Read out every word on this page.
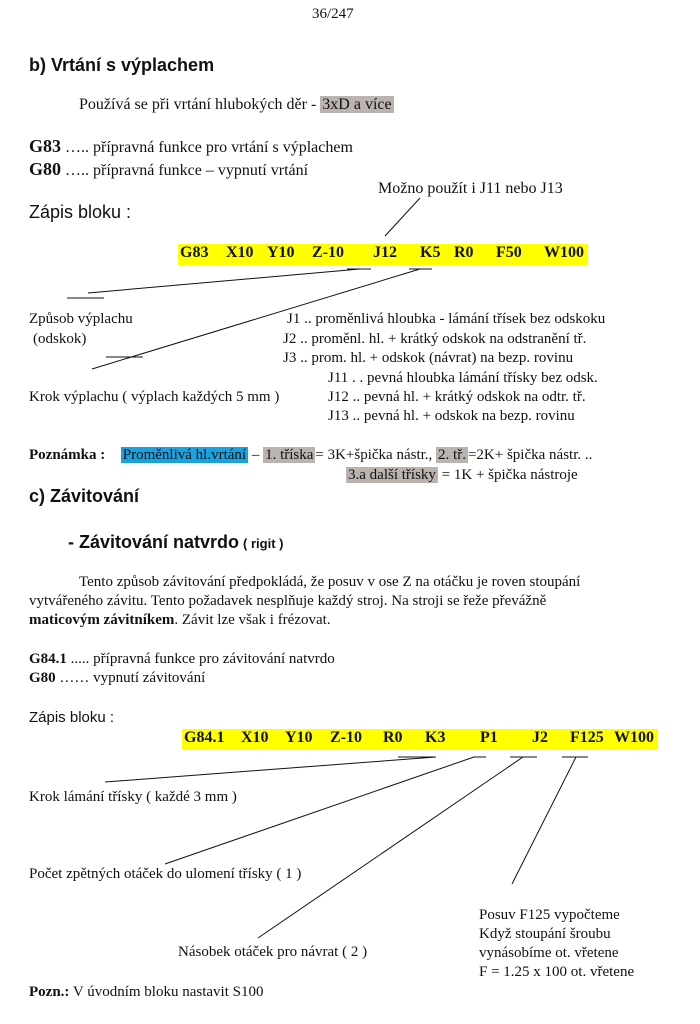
36/247
b) Vrtání s výplachem
Používá se při vrtání hlubokých děr - 3xD a více
G83 ….. přípravná funkce pro vrtání s výplachem
G80 ….. přípravná funkce – vypnutí vrtání
Možno použít i J11 nebo J13
Zápis bloku :
G83 X10 Y10 Z-10 J12 K5 R0 F50 W100
Způsob výplachu
(odskok)
Krok výplachu ( výplach každých 5 mm )
J1 .. proměnlivá hloubka - lámání třísek bez odskoku
J2 .. proměnl. hl. + krátký odskok na odstranění tř.
J3 .. prom. hl. + odskok (návrat) na bezp. rovinu
J11 . . pevná hloubka lámání třísky bez odsk.
J12 .. pevná hl. + krátký odskok na odtr. tř.
J13 .. pevná hl. + odskok na bezp. rovinu
Poznámka : Proměnlivá hl.vrtání – 1. tříska = 3K+špička nástr., 2. tř. =2K+ špička nástr. ..
3.a další třísky = 1K + špička nástroje
c) Závitování
- Závitování natvrdo ( rigit )
Tento způsob závitování předpokládá, že posuv v ose Z na otáčku je roven stoupání
vytvářeného závitu. Tento požadavek nesplňuje každý stroj. Na stroji se řeže převážně
maticovým závitníkem. Závit lze však i frézovat.
G84.1 ..... přípravná funkce pro závitování natvrdo
G80 …… vypnutí závitování
Zápis bloku :
G84.1 X10 Y10 Z-10 R0 K3 P1 J2 F125 W100
Krok lámání třísky ( každé 3 mm )
Počet zpětných otáček do ulomení třísky ( 1 )
Násobek otáček pro návrat ( 2 )
Posuv F125 vypočteme
Když stoupání šroubu
vynásobíme ot. vřetene
F = 1.25 x 100 ot. vřetene
Pozn.: V úvodním bloku nastavit S100
